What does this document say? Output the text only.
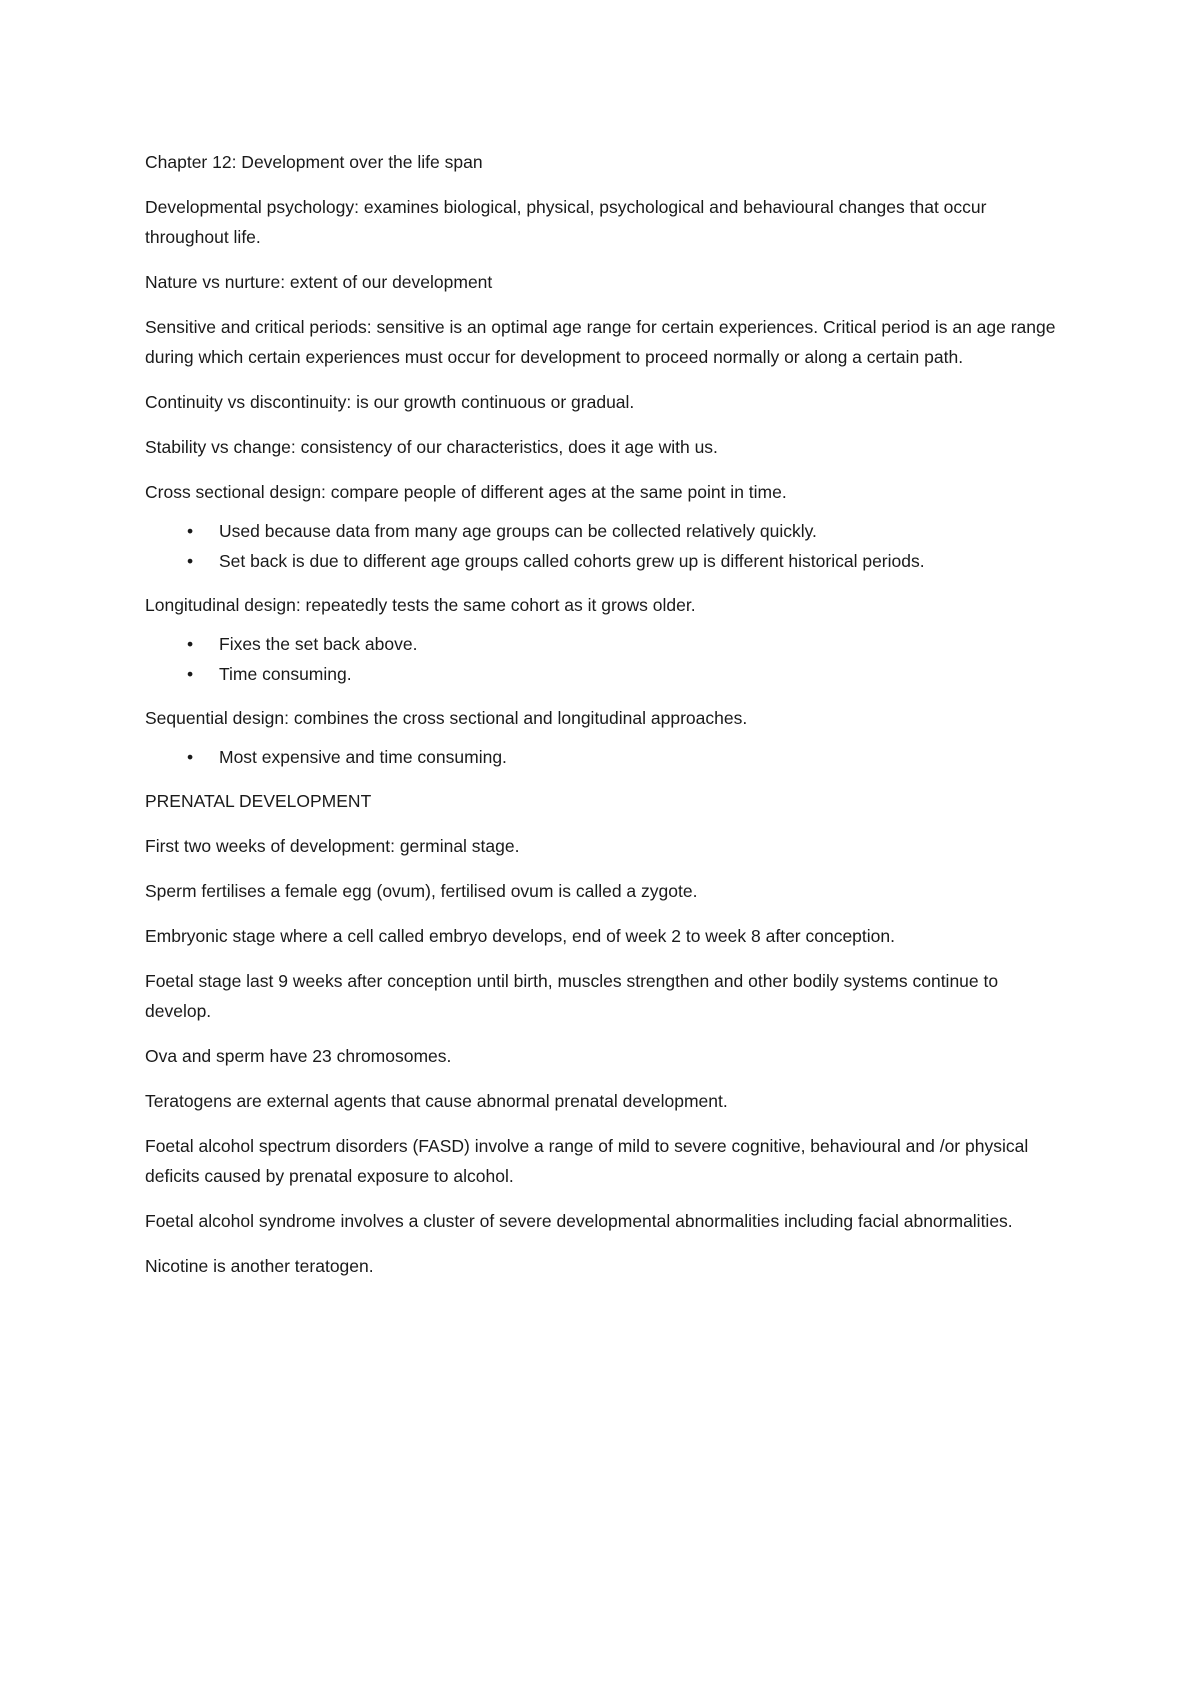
Chapter 12: Development over the life span

Developmental psychology: examines biological, physical, psychological and behavioural changes that occur throughout life.

Nature vs nurture: extent of our development

Sensitive and critical periods: sensitive is an optimal age range for certain experiences. Critical period is an age range during which certain experiences must occur for development to proceed normally or along a certain path.

Continuity vs discontinuity: is our growth continuous or gradual.

Stability vs change: consistency of our characteristics, does it age with us.

Cross sectional design: compare people of different ages at the same point in time.

•	Used because data from many age groups can be collected relatively quickly.
•	Set back is due to different age groups called cohorts grew up is different historical periods.

Longitudinal design: repeatedly tests the same cohort as it grows older.

•	Fixes the set back above.
•	Time consuming.

Sequential design: combines the cross sectional and longitudinal approaches.

•	Most expensive and time consuming.

PRENATAL DEVELOPMENT

First two weeks of development: germinal stage.

Sperm fertilises a female egg (ovum), fertilised ovum is called a zygote.

Embryonic stage where a cell called embryo develops, end of week 2 to week 8 after conception.

Foetal stage last 9 weeks after conception until birth, muscles strengthen and other bodily systems continue to develop.

Ova and sperm have 23 chromosomes.

Teratogens are external agents that cause abnormal prenatal development.

Foetal alcohol spectrum disorders (FASD) involve a range of mild to severe cognitive, behavioural and /or physical deficits caused by prenatal exposure to alcohol.

Foetal alcohol syndrome involves a cluster of severe developmental abnormalities including facial abnormalities.

Nicotine is another teratogen.
